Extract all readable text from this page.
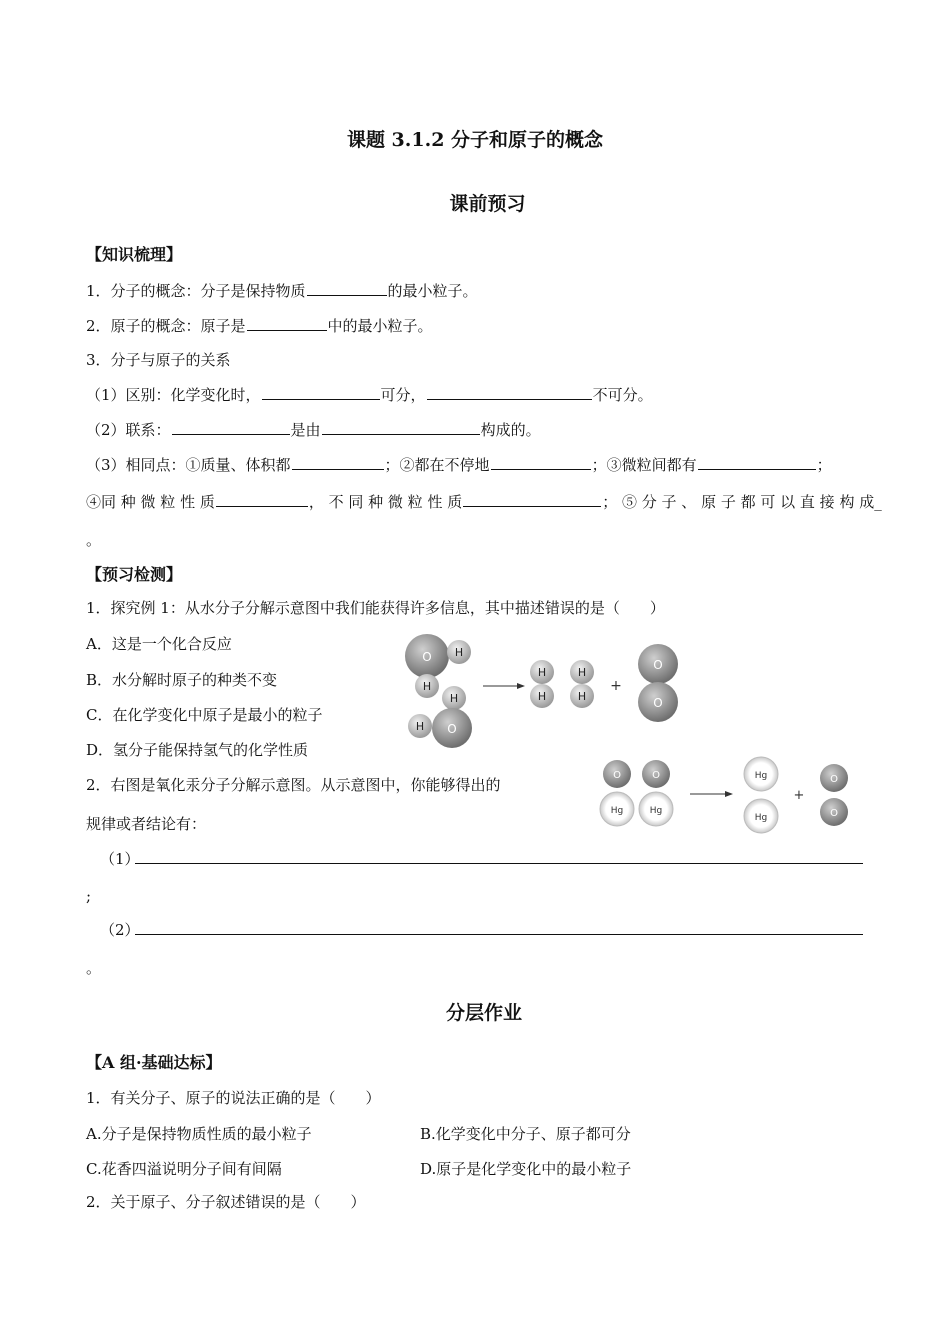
课题 3.1.2 分子和原子的概念
课前预习
【知识梳理】
1．分子的概念：分子是保持物质	的最小粒子。
2．原子的概念：原子是	中的最小粒子。
3．分子与原子的关系
（1）区别：化学变化时，	可分，	不可分。
（2）联系：	是由	构成的。
（3）相同点：①质量、体积都	；②都在不停地	；③微粒间都有	；
④同 种 微 粒 性 质	， 不 同 种 微 粒 性 质	； ⑤ 分 子 、 原 子 都 可 以 直 接 构 成_
。
【预习检测】
1．探究例 1：从水分子分解示意图中我们能获得许多信息，其中描述错误的是（　　）
A．这是一个化合反应
B．水分解时原子的种类不变
C．在化学变化中原子是最小的粒子
D．氢分子能保持氢气的化学性质
O H
H
H
H O
H
H
H
H
+
O
O
2．右图是氧化汞分子分解示意图。从示意图中，你能够得出的
规律或者结论有：
O
Hg
O
Hg
Hg
Hg
+
O
O
（1）
;
（2）
。
分层作业
【A 组·基础达标】
1．有关分子、原子的说法正确的是（　　）
A.分子是保持物质性质的最小粒子	B.化学变化中分子、原子都可分
C.花香四溢说明分子间有间隔	D.原子是化学变化中的最小粒子
2．关于原子、分子叙述错误的是（　　）
